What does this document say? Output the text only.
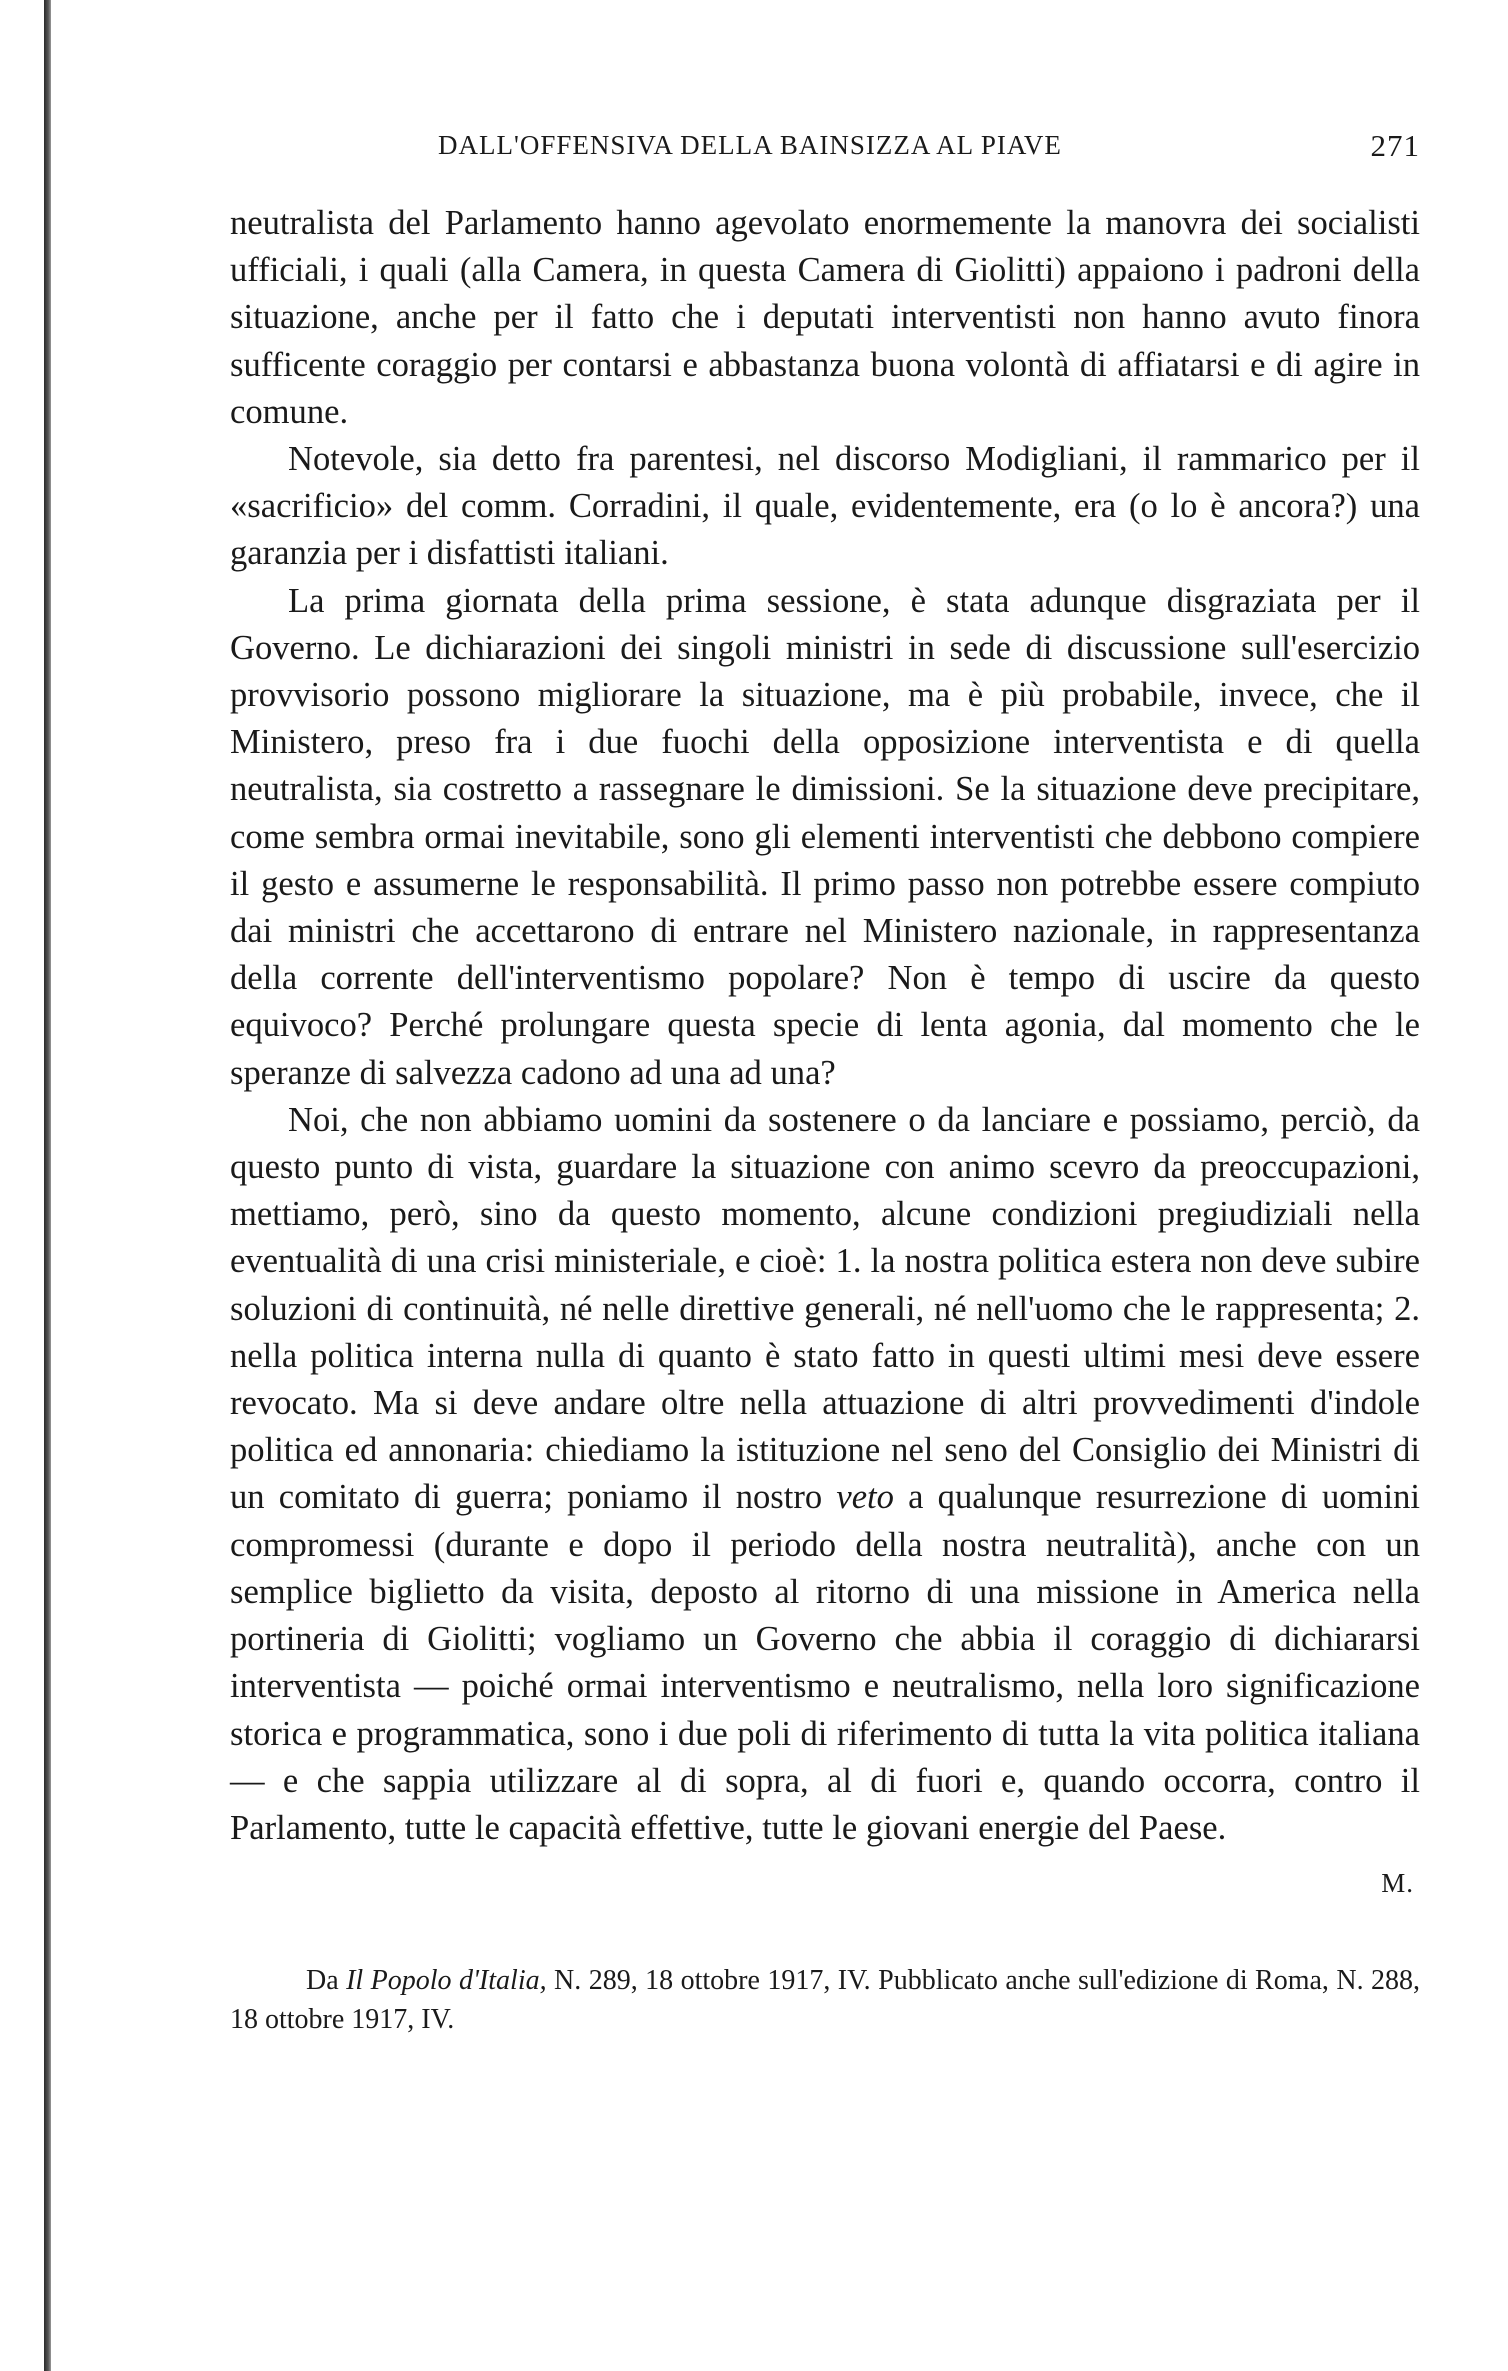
DALL'OFFENSIVA DELLA BAINSIZZA AL PIAVE	271

neutralista del Parlamento hanno agevolato enormemente la manovra dei socialisti ufficiali, i quali (alla Camera, in questa Camera di Giolitti) appaiono i padroni della situazione, anche per il fatto che i deputati interventisti non hanno avuto finora sufficente coraggio per contarsi e abbastanza buona volontà di affiatarsi e di agire in comune.

Notevole, sia detto fra parentesi, nel discorso Modigliani, il rammarico per il «sacrificio» del comm. Corradini, il quale, evidentemente, era (o lo è ancora?) una garanzia per i disfattisti italiani.

La prima giornata della prima sessione, è stata adunque disgraziata per il Governo. Le dichiarazioni dei singoli ministri in sede di discussione sull'esercizio provvisorio possono migliorare la situazione, ma è più probabile, invece, che il Ministero, preso fra i due fuochi della opposizione interventista e di quella neutralista, sia costretto a rassegnare le dimissioni. Se la situazione deve precipitare, come sembra ormai inevitabile, sono gli elementi interventisti che debbono compiere il gesto e assumerne le responsabilità. Il primo passo non potrebbe essere compiuto dai ministri che accettarono di entrare nel Ministero nazionale, in rappresentanza della corrente dell'interventismo popolare? Non è tempo di uscire da questo equivoco? Perché prolungare questa specie di lenta agonia, dal momento che le speranze di salvezza cadono ad una ad una?

Noi, che non abbiamo uomini da sostenere o da lanciare e possiamo, perciò, da questo punto di vista, guardare la situazione con animo scevro da preoccupazioni, mettiamo, però, sino da questo momento, alcune condizioni pregiudiziali nella eventualità di una crisi ministeriale, e cioè: 1. la nostra politica estera non deve subire soluzioni di continuità, né nelle direttive generali, né nell'uomo che le rappresenta; 2. nella politica interna nulla di quanto è stato fatto in questi ultimi mesi deve essere revocato. Ma si deve andare oltre nella attuazione di altri provvedimenti d'indole politica ed annonaria: chiediamo la istituzione nel seno del Consiglio dei Ministri di un comitato di guerra; poniamo il nostro veto a qualunque resurrezione di uomini compromessi (durante e dopo il periodo della nostra neutralità), anche con un semplice biglietto da visita, deposto al ritorno di una missione in America nella portineria di Giolitti; vogliamo un Governo che abbia il coraggio di dichiararsi interventista — poiché ormai interventismo e neutralismo, nella loro significazione storica e programmatica, sono i due poli di riferimento di tutta la vita politica italiana — e che sappia utilizzare al di sopra, al di fuori e, quando occorra, contro il Parlamento, tutte le capacità effettive, tutte le giovani energie del Paese.

M.

Da Il Popolo d'Italia, N. 289, 18 ottobre 1917, IV. Pubblicato anche sull'edizione di Roma, N. 288, 18 ottobre 1917, IV.
